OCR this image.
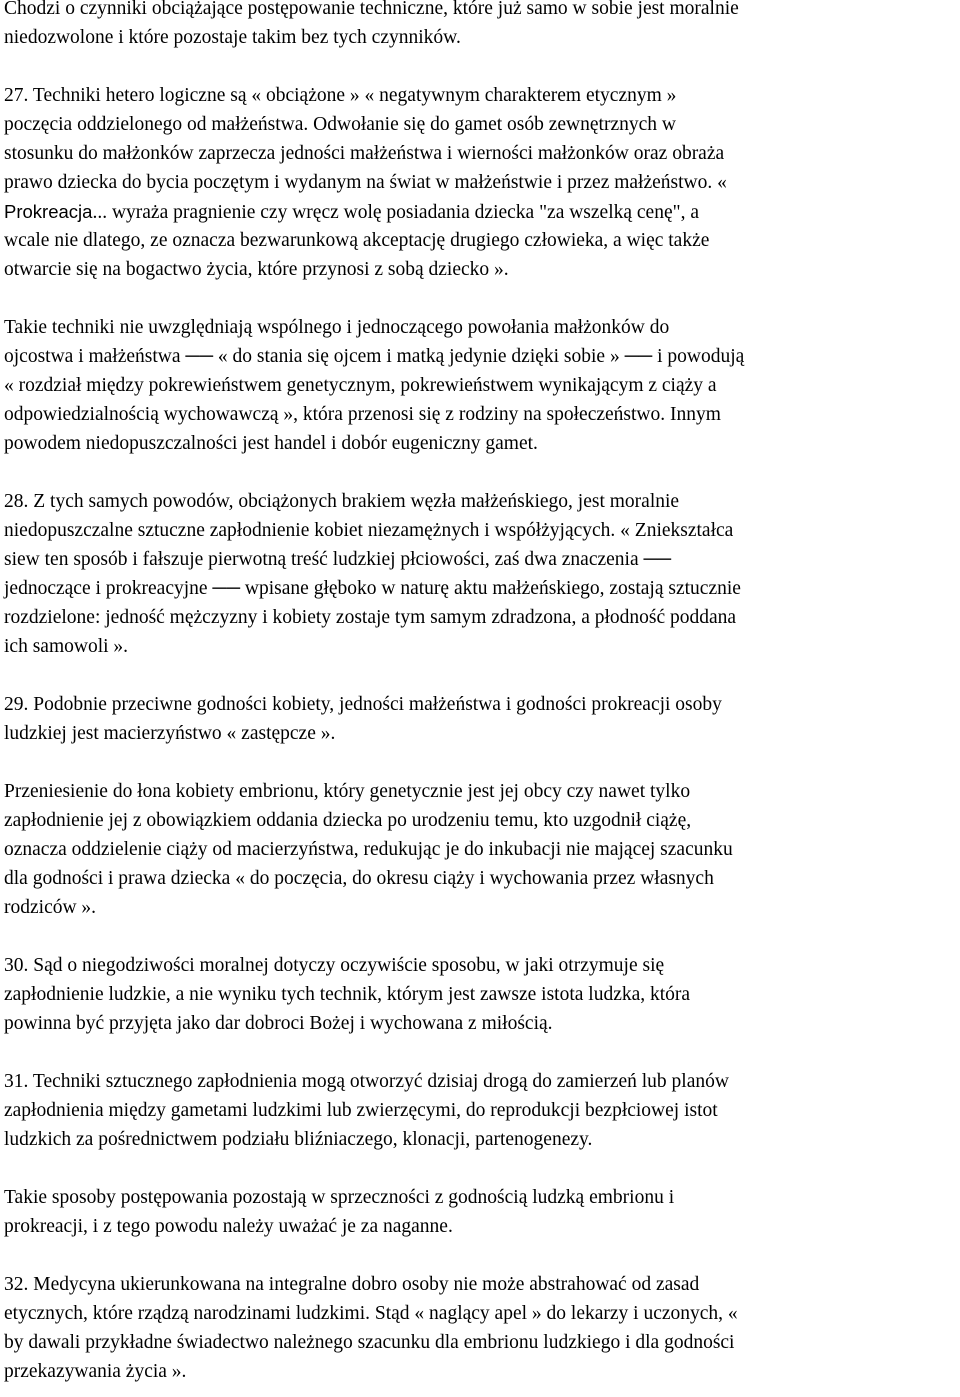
Chodzi o czynniki obciążające postępowanie techniczne, które już samo w sobie jest moralnie
niedozwolone i które pozostaje takim bez tych czynników.

27. Techniki hetero logiczne są « obciążone » « negatywnym charakterem etycznym »
poczęcia oddzielonego od małżeństwa. Odwołanie się do gamet osób zewnętrznych w
stosunku do małżonków zaprzecza jedności małżeństwa i wierności małżonków oraz obraża
prawo dziecka do bycia poczętym i wydanym na świat w małżeństwie i przez małżeństwo. «
Prokreacja... wyraża pragnienie czy wręcz wolę posiadania dziecka "za wszelką cenę", a
wcale nie dlatego, ze oznacza bezwarunkową akceptację drugiego człowieka, a więc także
otwarcie się na bogactwo życia, które przynosi z sobą dziecko ».

Takie techniki nie uwzględniają wspólnego i jednoczącego powołania małżonków do
ojcostwa i małżeństwa ── « do stania się ojcem i matką jedynie dzięki sobie » ── i powodują
« rozdział między pokrewieństwem genetycznym, pokrewieństwem wynikającym z ciąży a
odpowiedzialnością wychowawczą », która przenosi się z rodziny na społeczeństwo. Innym
powodem niedopuszczalności jest handel i dobór eugeniczny gamet.

28. Z tych samych powodów, obciążonych brakiem węzła małżeńskiego, jest moralnie
niedopuszczalne sztuczne zapłodnienie kobiet niezamężnych i współżyjących. « Zniekształca
siew ten sposób i fałszuje pierwotną treść ludzkiej płciowości, zaś dwa znaczenia ──
jednoczące i prokreacyjne ── wpisane głęboko w naturę aktu małżeńskiego, zostają sztucznie
rozdzielone: jedność mężczyzny i kobiety zostaje tym samym zdradzona, a płodność poddana
ich samowoli ».

29. Podobnie przeciwne godności kobiety, jedności małżeństwa i godności prokreacji osoby
ludzkiej jest macierzyństwo « zastępcze ».

Przeniesienie do łona kobiety embrionu, który genetycznie jest jej obcy czy nawet tylko
zapłodnienie jej z obowiązkiem oddania dziecka po urodzeniu temu, kto uzgodnił ciążę,
oznacza oddzielenie ciąży od macierzyństwa, redukując je do inkubacji nie mającej szacunku
dla godności i prawa dziecka « do poczęcia, do okresu ciąży i wychowania przez własnych
rodziców ».

30. Sąd o niegodziwości moralnej dotyczy oczywiście sposobu, w jaki otrzymuje się
zapłodnienie ludzkie, a nie wyniku tych technik, którym jest zawsze istota ludzka, która
powinna być przyjęta jako dar dobroci Bożej i wychowana z miłością.

31. Techniki sztucznego zapłodnienia mogą otworzyć dzisiaj drogą do zamierzeń lub planów
zapłodnienia między gametami ludzkimi lub zwierzęcymi, do reprodukcji bezpłciowej istot
ludzkich za pośrednictwem podziału bliźniaczego, klonacji, partenogenezy.

Takie sposoby postępowania pozostają w sprzeczności z godnością ludzką embrionu i
prokreacji, i z tego powodu należy uważać je za naganne.

32. Medycyna ukierunkowana na integralne dobro osoby nie może abstrahować od zasad
etycznych, które rządzą narodzinami ludzkimi. Stąd « naglący apel » do lekarzy i uczonych, «
by dawali przykładne świadectwo należnego szacunku dla embrionu ludzkiego i dla godności
przekazywania życia ».
